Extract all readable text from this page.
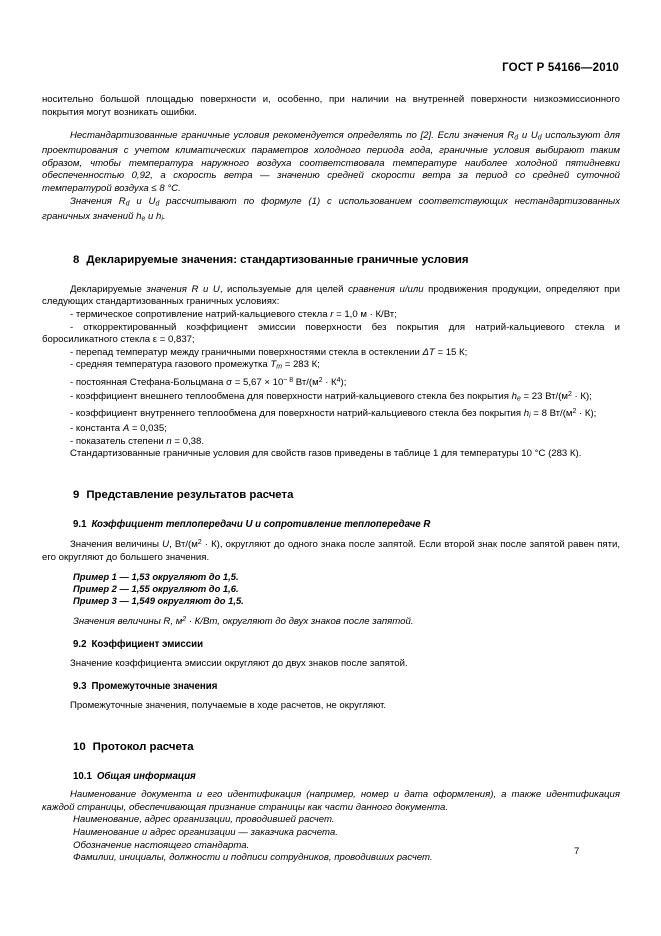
ГОСТ Р 54166—2010

носительно большой площадью поверхности и, особенно, при наличии на внутренней поверхности низкоэмиссионного покрытия могут возникать ошибки.

Нестандартизованные граничные условия рекомендуется определять по [2]. Если значения $R_d$ и $U_d$ используют для проектирования с учетом климатических параметров холодного периода года, граничные условия выбирают таким образом, чтобы температура наружного воздуха соответствовала температуре наиболее холодной пятидневки обеспеченностью 0,92, а скорость ветра — значению средней скорости ветра за период со средней суточной температурой воздуха ≤ 8 °C.

Значения $R_d$ и $U_d$ рассчитывают по формуле (1) с использованием соответствующих нестандартизованных граничных значений $h_e$ и $h_i$.

8 Декларируемые значения: стандартизованные граничные условия

Декларируемые значения R и U, используемые для целей сравнения и/или продвижения продукции, определяют при следующих стандартизованных граничных условиях:

- термическое сопротивление натрий-кальциевого стекла r = 1,0 м · К/Вт;

- откорректированный коэффициент эмиссии поверхности без покрытия для натрий-кальциевого стекла и боросиликатного стекла ε = 0,837;

- перепад температур между граничными поверхностями стекла в остеклении ΔT = 15 К;

- средняя температура газового промежутка $T_m = 283$ К;

- постоянная Стефана-Больцмана $\sigma = 5,67 \times 10^{- 8}$ $Вт/(м^2 \cdot К^4)$;

- коэффициент внешнего теплообмена для поверхности натрий-кальциевого стекла без покрытия $h_e = 23$ $Вт/(м^2 \cdot К)$;

- коэффициент внутреннего теплообмена для поверхности натрий-кальциевого стекла без покрытия $h_i = 8$ $Вт/(м^2 \cdot К)$;

- константа A = 0,035;

- показатель степени n = 0,38.

Стандартизованные граничные условия для свойств газов приведены в таблице 1 для температуры 10 °C (283 К).

9 Представление результатов расчета

9.1 Коэффициент теплопередачи U и сопротивление теплопередаче R

Значения величины U, $Вт/(м^2 \cdot К)$, округляют до одного знака после запятой. Если второй знак после запятой равен пяти, его округляют до большего значения.

Пример 1 — 1,53 округляют до 1,5.

Пример 2 — 1,55 округляют до 1,6.

Пример 3 — 1,549 округляют до 1,5.

Значения величины R, $м^2 \cdot К/Вт$, округляют до двух знаков после запятой.

9.2 Коэффициент эмиссии

Значение коэффициента эмиссии округляют до двух знаков после запятой.

9.3 Промежуточные значения

Промежуточные значения, получаемые в ходе расчетов, не округляют.

10 Протокол расчета

10.1 Общая информация

Наименование документа и его идентификация (например, номер и дата оформления), а также идентификация каждой страницы, обеспечивающая признание страницы как части данного документа.

Наименование, адрес организации, проводившей расчет.

Наименование и адрес организации — заказчика расчета.

Обозначение настоящего стандарта.

Фамилии, инициалы, должности и подписи сотрудников, проводивших расчет.

7
